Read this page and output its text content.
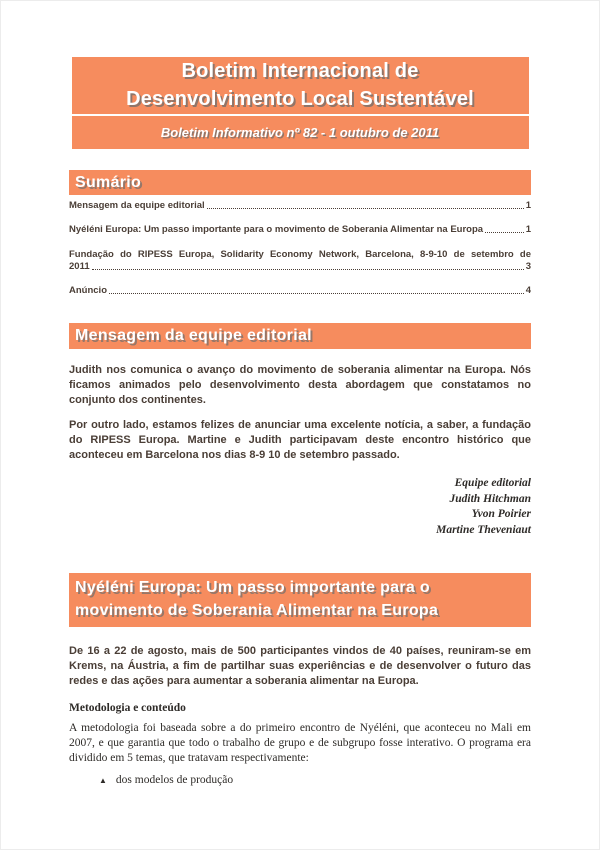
Boletim Internacional de
Desenvolvimento Local Sustentável
Boletim Informativo nº 82 - 1 outubro de 2011
Sumário
Mensagem da equipe editorial	1
Nyéléni Europa: Um passo importante para o movimento de Soberania Alimentar na Europa	1
Fundação do RIPESS Europa, Solidarity Economy Network, Barcelona, 8-9-10 de setembro de
2011	3
Anúncio	4
Mensagem da equipe editorial
Judith nos comunica o avanço do movimento de soberania alimentar na Europa. Nós ficamos animados pelo desenvolvimento desta abordagem que constatamos no conjunto dos continentes.
Por outro lado, estamos felizes de anunciar uma excelente notícia, a saber, a fundação do RIPESS Europa. Martine e Judith participavam deste encontro histórico que aconteceu em Barcelona nos dias 8-9 10 de setembro passado.
Equipe editorial
Judith Hitchman
Yvon Poirier
Martine Theveniaut
Nyéléni Europa: Um passo importante para o
movimento de Soberania Alimentar na Europa
De 16 a 22 de agosto, mais de 500 participantes vindos de 40 países, reuniram-se em Krems, na Áustria, a fim de partilhar suas experiências e de desenvolver o futuro das redes e das ações para aumentar a soberania alimentar na Europa.
Metodologia e conteúdo
A metodologia foi baseada sobre a do primeiro encontro de Nyéléni, que aconteceu no Mali em 2007, e que garantia que todo o trabalho de grupo e de subgrupo fosse interativo. O programa era dividido em 5 temas, que tratavam respectivamente:
▲ dos modelos de produção
